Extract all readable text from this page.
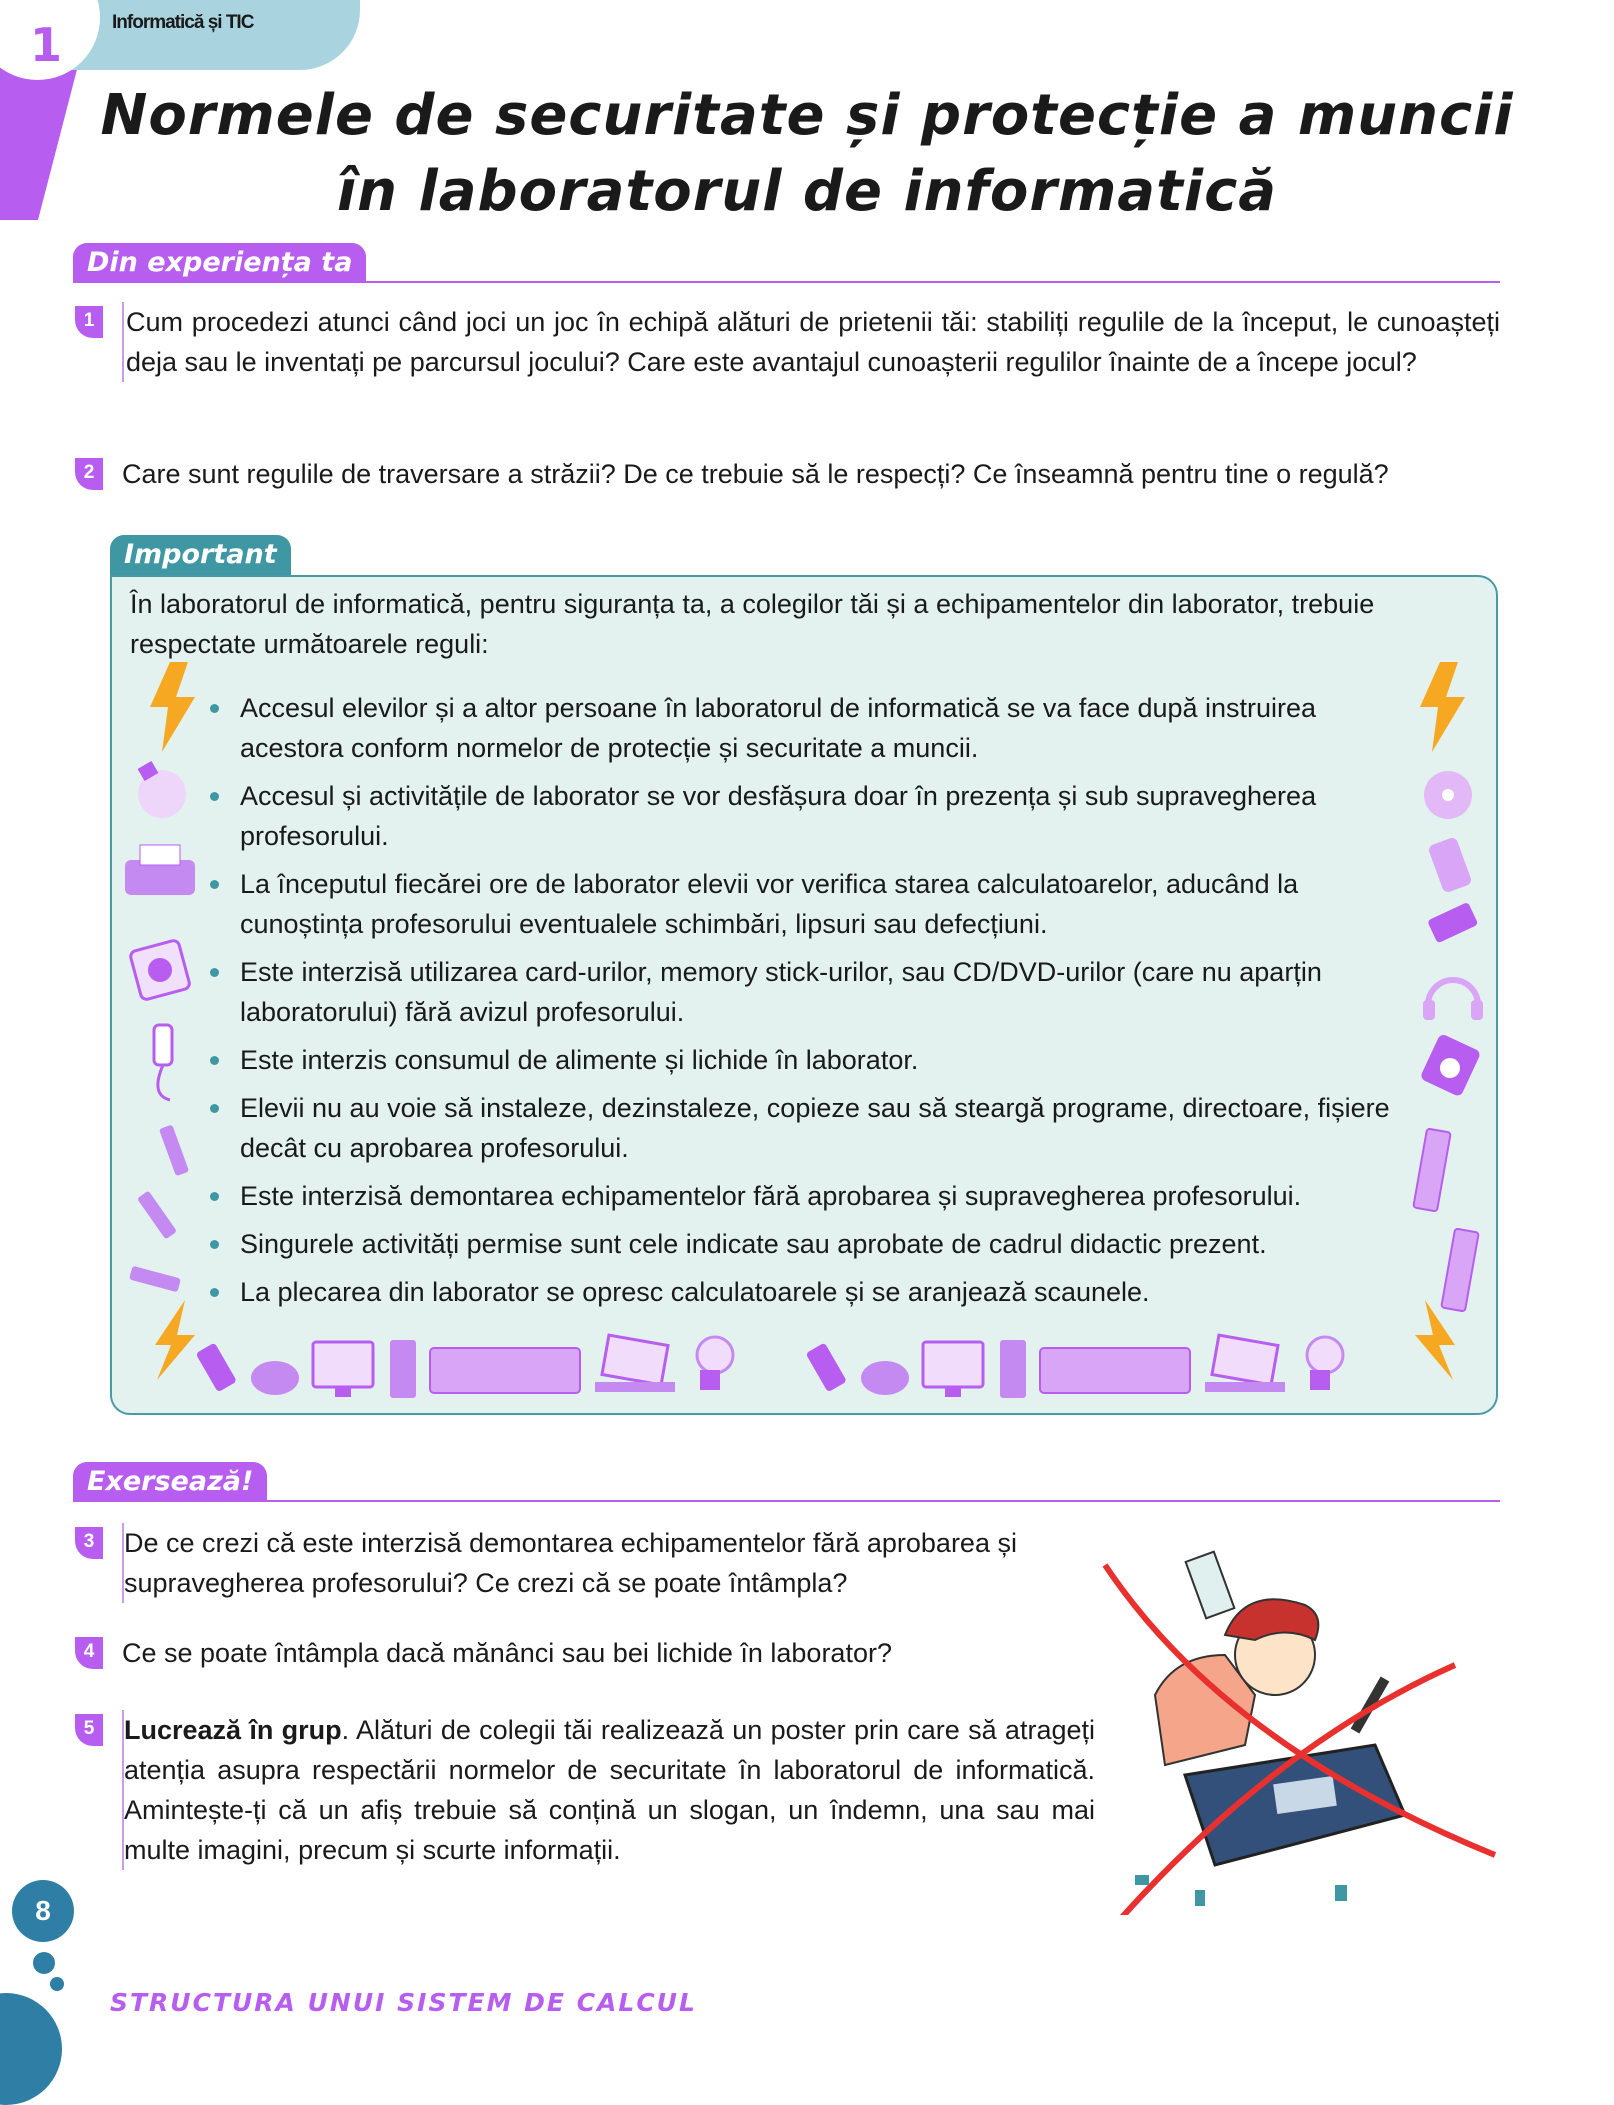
1	Informatică și TIC
Normele de securitate și protecție a muncii
în laboratorul de informatică
Din experiența ta
1	Cum procedezi atunci când joci un joc în echipă alături de prietenii tăi: stabiliți regulile de la început, le cunoașteți deja sau le inventați pe parcursul jocului? Care este avantajul cunoașterii regulilor înainte de a începe jocul?
2	Care sunt regulile de traversare a străzii? De ce trebuie să le respecți? Ce înseamnă pentru tine o regulă?
Important
În laboratorul de informatică, pentru siguranța ta, a colegilor tăi și a echipamentelor din laborator, trebuie respectate următoarele reguli:
Accesul elevilor și a altor persoane în laboratorul de informatică se va face după instruirea acestora conform normelor de protecție și securitate a muncii.
Accesul și activitățile de laborator se vor desfășura doar în prezența și sub supravegherea profesorului.
La începutul fiecărei ore de laborator elevii vor verifica starea calculatoarelor, aducând la cunoștința profesorului eventualele schimbări, lipsuri sau defecțiuni.
Este interzisă utilizarea card-urilor, memory stick-urilor, sau CD/DVD-urilor (care nu aparțin laboratorului) fără avizul profesorului.
Este interzis consumul de alimente și lichide în laborator.
Elevii nu au voie să instaleze, dezinstaleze, copieze sau să steargă programe, directoare, fișiere decât cu aprobarea profesorului.
Este interzisă demontarea echipamentelor fără aprobarea și supravegherea profesorului.
Singurele activități permise sunt cele indicate sau aprobate de cadrul didactic prezent.
La plecarea din laborator se opresc calculatoarele și se aranjează scaunele.
Exersează!
3	De ce crezi că este interzisă demontarea echipamentelor fără aprobarea și supravegherea profesorului? Ce crezi că se poate întâmpla?
4	Ce se poate întâmpla dacă mănânci sau bei lichide în laborator?
5	Lucrează în grup. Alături de colegii tăi realizează un poster prin care să atrageți atenția asupra respectării normelor de securitate în laboratorul de informatică. Amintește-ți că un afiș trebuie să conțină un slogan, un îndemn, una sau mai multe imagini, precum și scurte informații.
8
STRUCTURA UNUI SISTEM DE CALCUL
